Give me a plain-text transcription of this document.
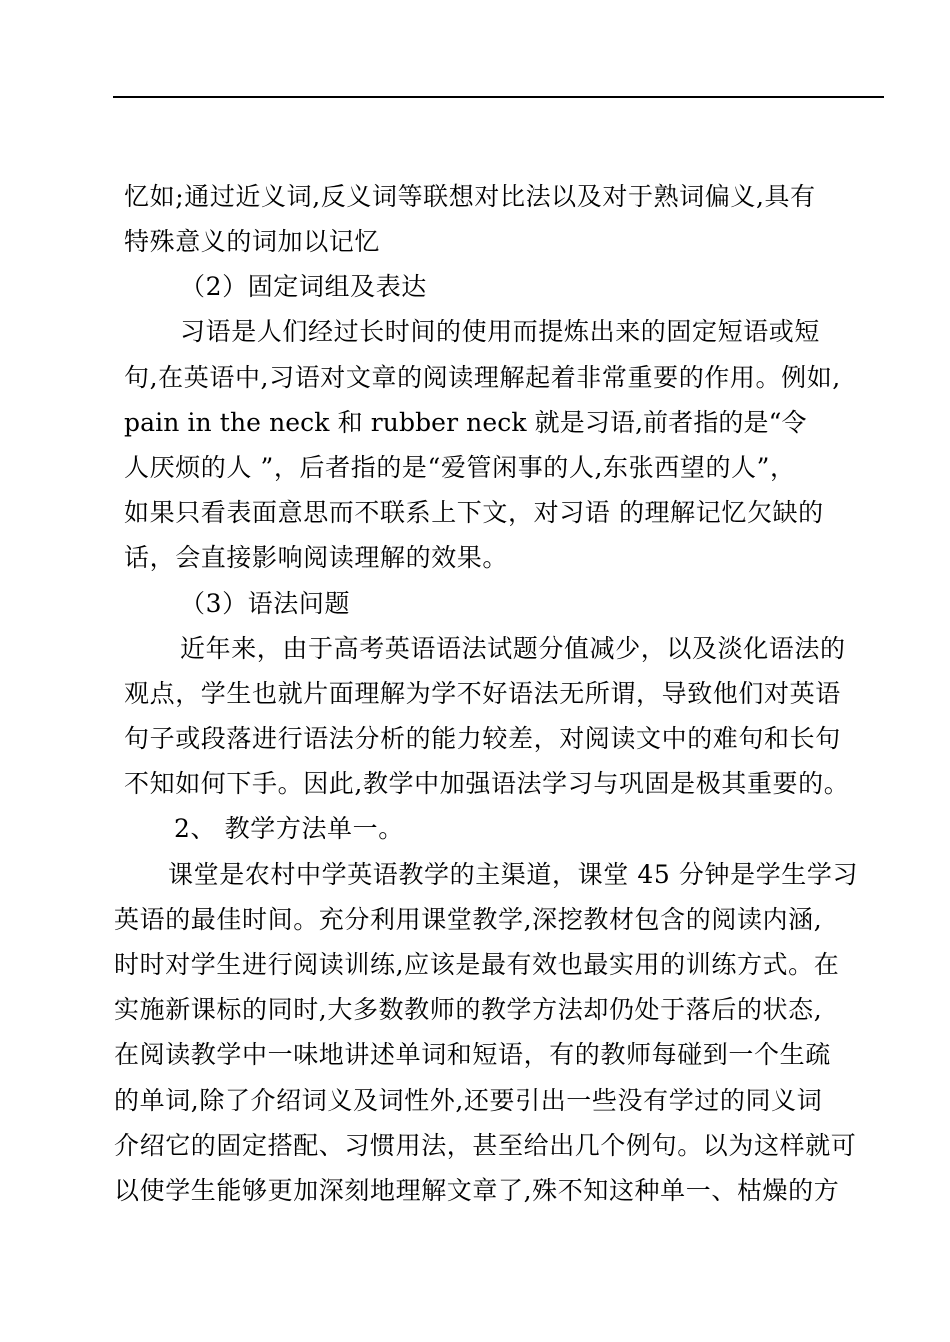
忆如;通过近义词,反义词等联想对比法以及对于熟词偏义,具有
特殊意义的词加以记忆
（2）固定词组及表达
习语是人们经过长时间的使用而提炼出来的固定短语或短
句,在英语中,习语对文章的阅读理解起着非常重要的作用。例如,
pain in the neck 和 rubber neck 就是习语,前者指的是“令
人厌烦的人 ”，后者指的是“爱管闲事的人,东张西望的人”，
如果只看表面意思而不联系上下文，对习语 的理解记忆欠缺的
话，会直接影响阅读理解的效果。
（3）语法问题
近年来，由于高考英语语法试题分值减少，以及淡化语法的
观点，学生也就片面理解为学不好语法无所谓，导致他们对英语
句子或段落进行语法分析的能力较差，对阅读文中的难句和长句
不知如何下手。因此,教学中加强语法学习与巩固是极其重要的。
2、 教学方法单一。
课堂是农村中学英语教学的主渠道，课堂 45 分钟是学生学习
英语的最佳时间。充分利用课堂教学,深挖教材包含的阅读内涵,
时时对学生进行阅读训练,应该是最有效也最实用的训练方式。在
实施新课标的同时,大多数教师的教学方法却仍处于落后的状态,
在阅读教学中一味地讲述单词和短语，有的教师每碰到一个生疏
的单词,除了介绍词义及词性外,还要引出一些没有学过的同义词
介绍它的固定搭配、习惯用法，甚至给出几个例句。以为这样就可
以使学生能够更加深刻地理解文章了,殊不知这种单一、枯燥的方
